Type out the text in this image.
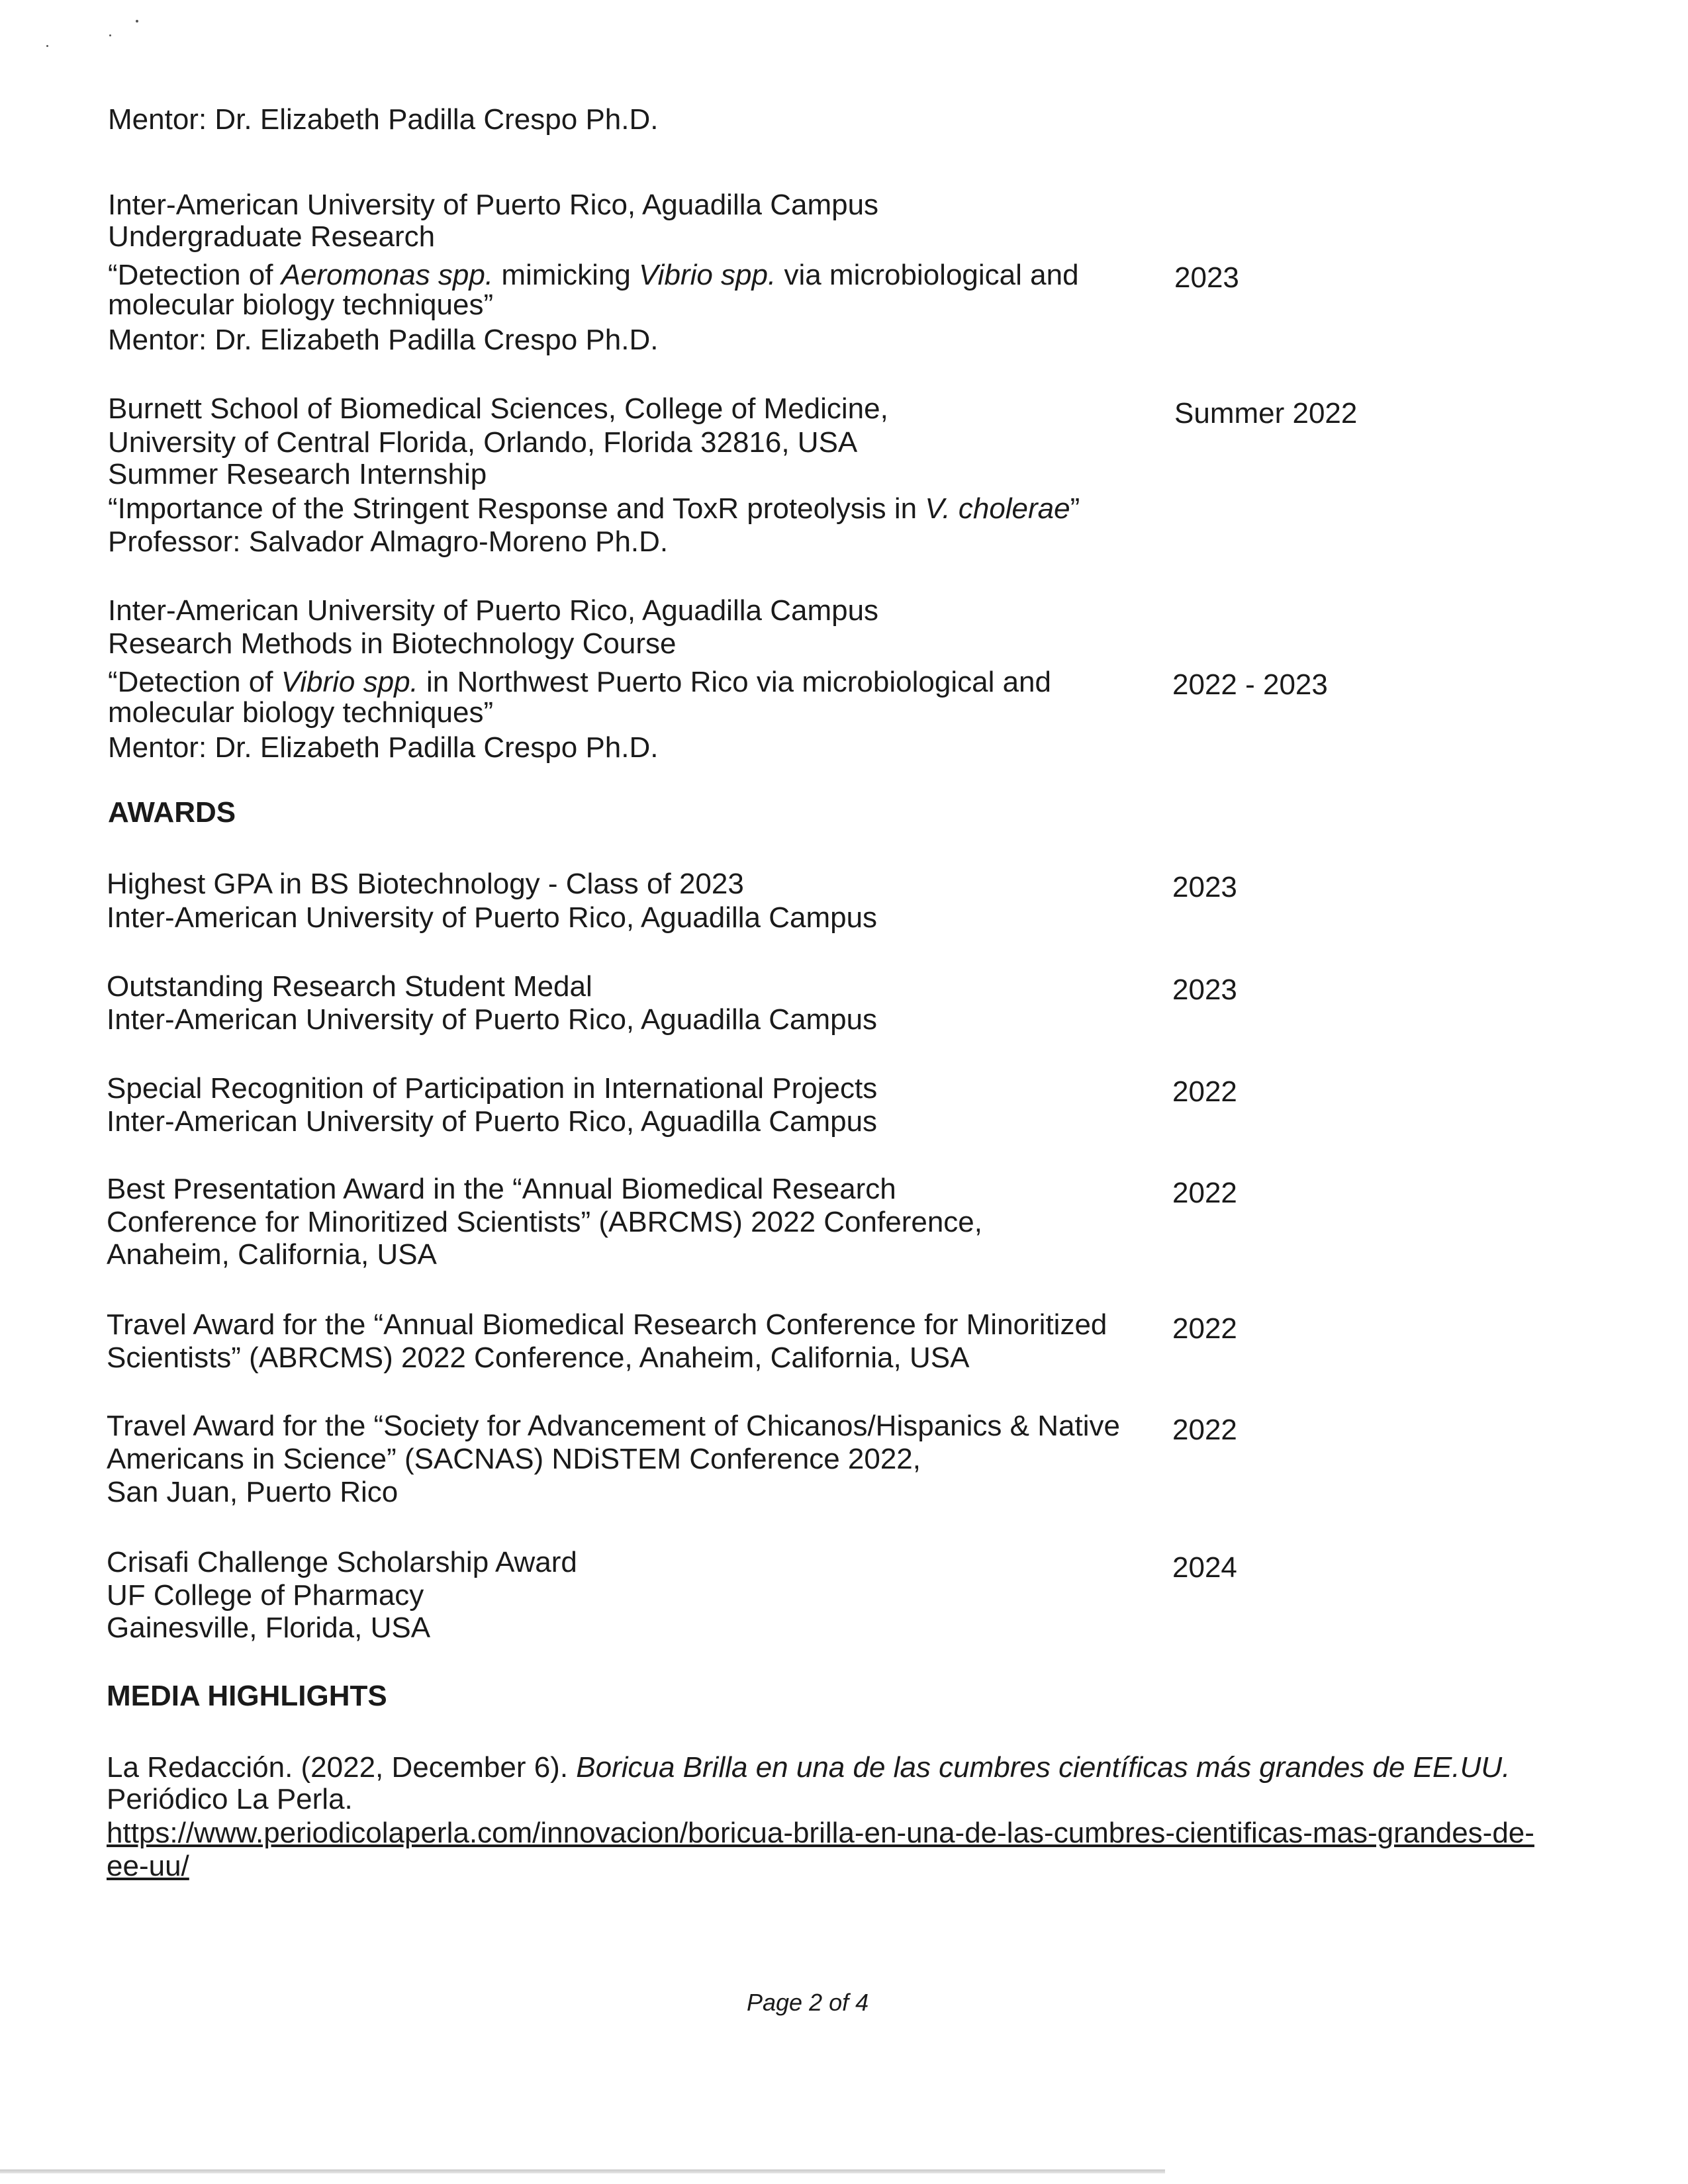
Mentor: Dr. Elizabeth Padilla Crespo Ph.D.
Inter-American University of Puerto Rico, Aguadilla Campus
Undergraduate Research
“Detection of Aeromonas spp. mimicking Vibrio spp. via microbiological and
molecular biology techniques”
Mentor: Dr. Elizabeth Padilla Crespo Ph.D.
2023
Burnett School of Biomedical Sciences, College of Medicine,
University of Central Florida, Orlando, Florida 32816, USA
Summer Research Internship
“Importance of the Stringent Response and ToxR proteolysis in V. cholerae”
Professor: Salvador Almagro-Moreno Ph.D.
Summer 2022
Inter-American University of Puerto Rico, Aguadilla Campus
Research Methods in Biotechnology Course
“Detection of Vibrio spp. in Northwest Puerto Rico via microbiological and
molecular biology techniques”
Mentor: Dr. Elizabeth Padilla Crespo Ph.D.
2022 - 2023
AWARDS
Highest GPA in BS Biotechnology - Class of 2023
Inter-American University of Puerto Rico, Aguadilla Campus
2023
Outstanding Research Student Medal
Inter-American University of Puerto Rico, Aguadilla Campus
2023
Special Recognition of Participation in International Projects
Inter-American University of Puerto Rico, Aguadilla Campus
2022
Best Presentation Award in the “Annual Biomedical Research
Conference for Minoritized Scientists” (ABRCMS) 2022 Conference,
Anaheim, California, USA
2022
Travel Award for the “Annual Biomedical Research Conference for Minoritized
Scientists” (ABRCMS) 2022 Conference, Anaheim, California, USA
2022
Travel Award for the “Society for Advancement of Chicanos/Hispanics & Native
Americans in Science” (SACNAS) NDiSTEM Conference 2022,
San Juan, Puerto Rico
2022
Crisafi Challenge Scholarship Award
UF College of Pharmacy
Gainesville, Florida, USA
2024
MEDIA HIGHLIGHTS
La Redacción. (2022, December 6). Boricua Brilla en una de las cumbres científicas más grandes de EE.UU.
Periódico La Perla.
https://www.periodicolaperla.com/innovacion/boricua-brilla-en-una-de-las-cumbres-cientificas-mas-grandes-de-
ee-uu/
Page 2 of 4
